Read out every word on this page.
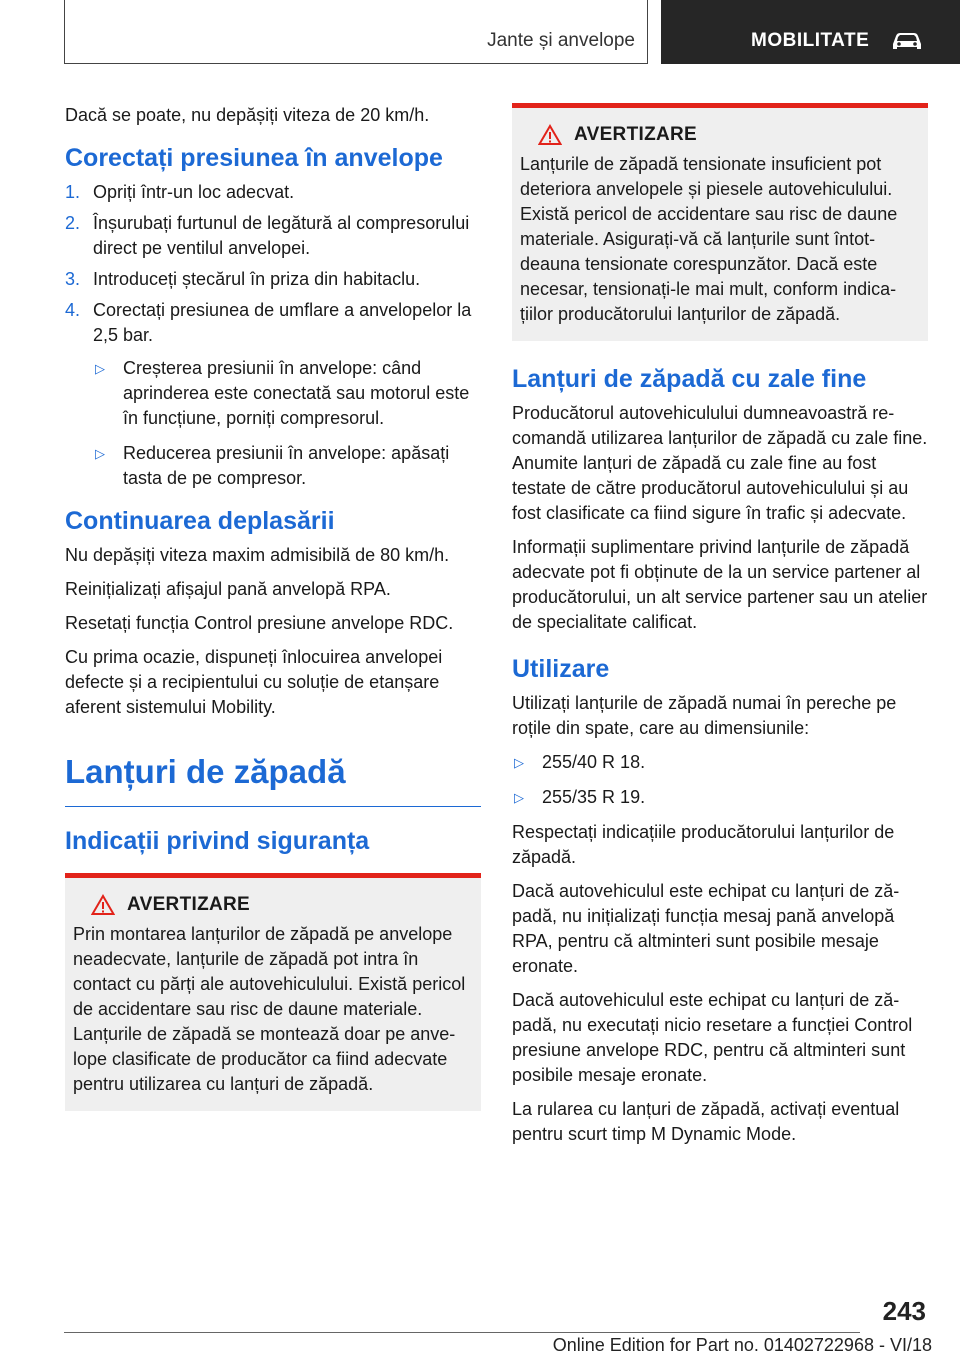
Jante și anvelope	MOBILITATE

Dacă se poate, nu depășiți viteza de 20 km/h.

Corectați presiunea în anvelope
1. Opriți într-un loc adecvat.
2. Înșurubați furtunul de legătură al compresorului direct pe ventilul anvelopei.
3. Introduceți ștecărul în priza din habitaclu.
4. Corectați presiunea de umflare a anvelopelor la 2,5 bar.
▷ Creșterea presiunii în anvelope: când aprinderea este conectată sau motorul este în funcțiune, porniți compresorul.
▷ Reducerea presiunii în anvelope: apăsați tasta de pe compresor.
Continuarea deplasării

Nu depășiți viteza maxim admisibilă de 80 km/h.

Reinițializați afișajul pană anvelopă RPA.

Resetați funcția Control presiune anvelope RDC.

Cu prima ocazie, dispuneți înlocuirea anvelopei defecte și a recipientului cu soluție de etanșare aferent sistemului Mobility.

Lanțuri de zăpadă
Indicații privind siguranța
AVERTIZARE

Prin montarea lanțurilor de zăpadă pe anvelope neadecvate, lanțurile de zăpadă pot intra în contact cu părți ale autovehiculului. Există pericol de accidentare sau risc de daune materiale. Lanțurile de zăpadă se montează doar pe anvelope clasificate de producător ca fiind adecvate pentru utilizarea cu lanțuri de zăpadă.

AVERTIZARE

Lanțurile de zăpadă tensionate insuficient pot deteriora anvelopele și piesele autovehiculului. Există pericol de accidentare sau risc de daune materiale. Asigurați-vă că lanțurile sunt întotdeauna tensionate corespunzător. Dacă este necesar, tensionați-le mai mult, conform indicațiilor producătorului lanțurilor de zăpadă.

Lanțuri de zăpadă cu zale fine

Producătorul autovehiculului dumneavoastră recomandă utilizarea lanțurilor de zăpadă cu zale fine. Anumite lanțuri de zăpadă cu zale fine au fost testate de către producătorul autovehiculului și au fost clasificate ca fiind sigure în trafic și adecvate.

Informații suplimentare privind lanțurile de zăpadă adecvate pot fi obținute de la un service partener al producătorului, un alt service partener sau un atelier de specialitate calificat.

Utilizare

Utilizați lanțurile de zăpadă numai în pereche pe roțile din spate, care au dimensiunile:

▷ 255/40 R 18.
▷ 255/35 R 19.

Respectați indicațiile producătorului lanțurilor de zăpadă.

Dacă autovehiculul este echipat cu lanțuri de zăpadă, nu inițializați funcția mesaj pană anvelopă RPA, pentru că altminteri sunt posibile mesaje eronate.

Dacă autovehiculul este echipat cu lanțuri de zăpadă, nu executați nicio resetare a funcției Control presiune anvelope RDC, pentru că altminteri sunt posibile mesaje eronate.

La rularea cu lanțuri de zăpadă, activați eventual pentru scurt timp M Dynamic Mode.

243
Online Edition for Part no. 01402722968 - VI/18
